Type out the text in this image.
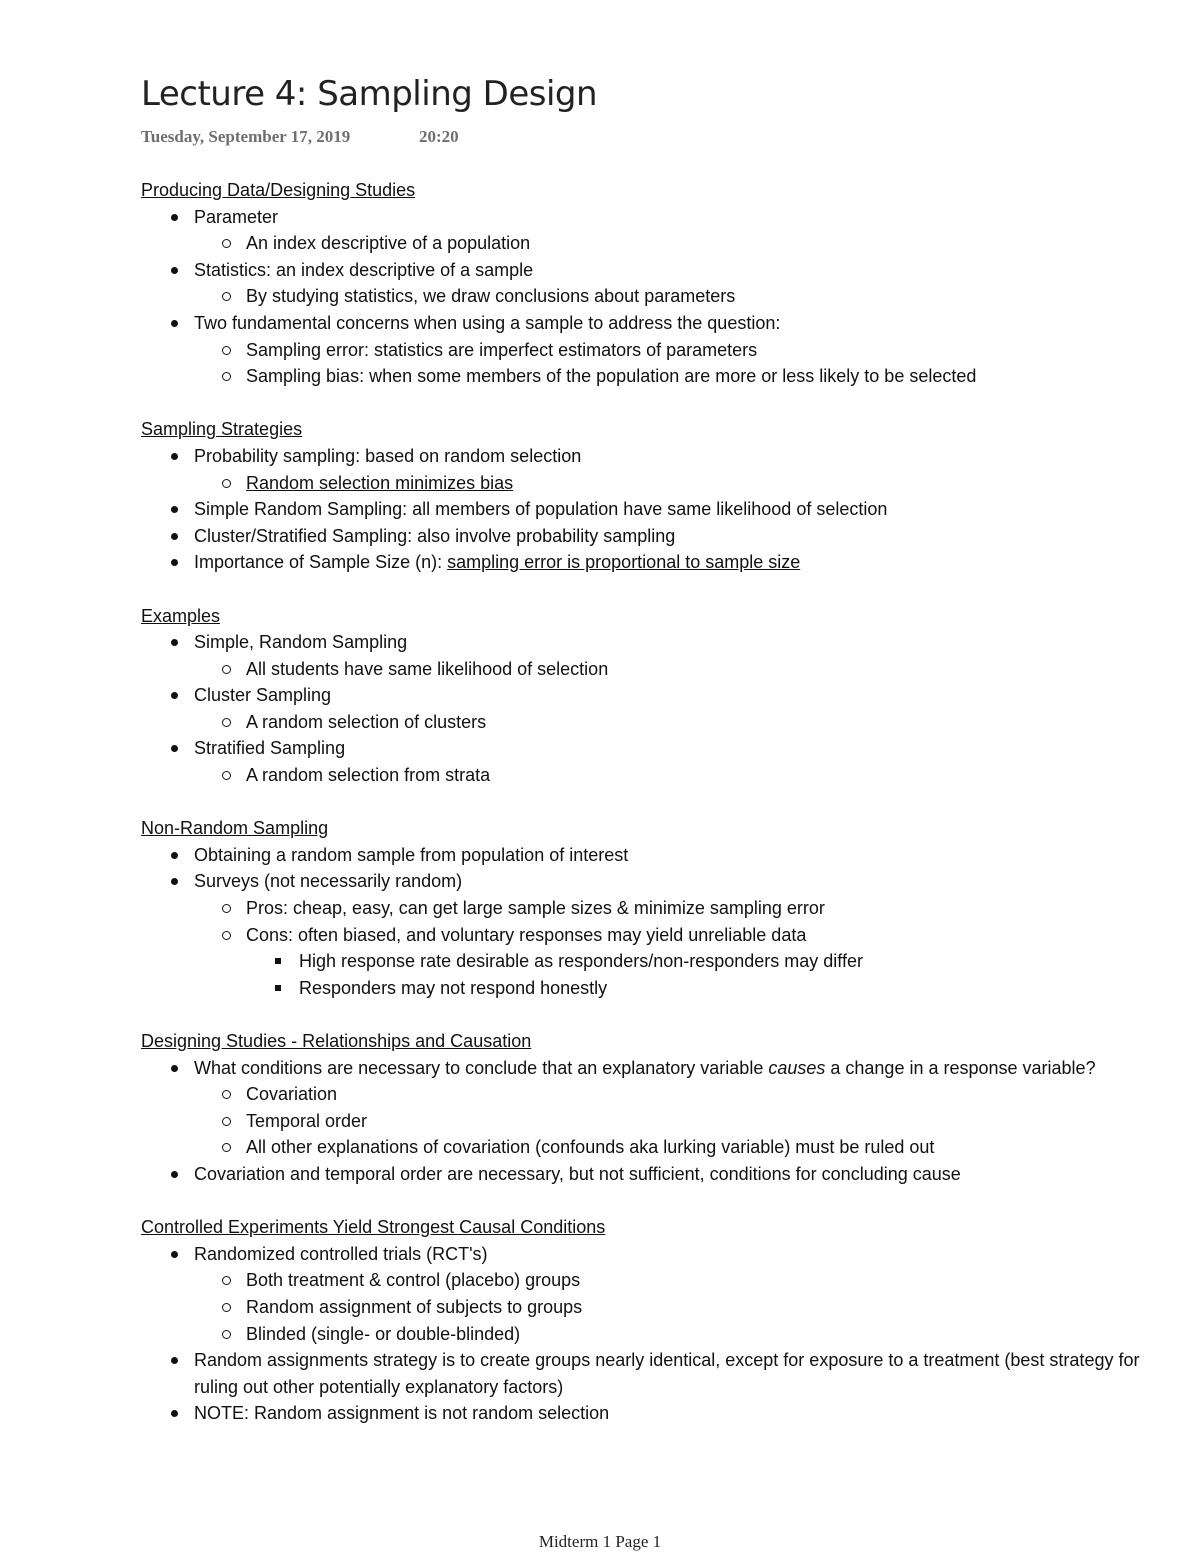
Lecture 4: Sampling Design
Tuesday, September 17, 2019	20:20
Producing Data/Designing Studies
Parameter
An index descriptive of a population
Statistics: an index descriptive of a sample
By studying statistics, we draw conclusions about parameters
Two fundamental concerns when using a sample to address the question:
Sampling error: statistics are imperfect estimators of parameters
Sampling bias: when some members of the population are more or less likely to be selected
Sampling Strategies
Probability sampling: based on random selection
Random selection minimizes bias
Simple Random Sampling: all members of population have same likelihood of selection
Cluster/Stratified Sampling: also involve probability sampling
Importance of Sample Size (n): sampling error is proportional to sample size
Examples
Simple, Random Sampling
All students have same likelihood of selection
Cluster Sampling
A random selection of clusters
Stratified Sampling
A random selection from strata
Non-Random Sampling
Obtaining a random sample from population of interest
Surveys (not necessarily random)
Pros: cheap, easy, can get large sample sizes & minimize sampling error
Cons: often biased, and voluntary responses may yield unreliable data
High response rate desirable as responders/non-responders may differ
Responders may not respond honestly
Designing Studies - Relationships and Causation
What conditions are necessary to conclude that an explanatory variable causes a change in a response variable?
Covariation
Temporal order
All other explanations of covariation (confounds aka lurking variable) must be ruled out
Covariation and temporal order are necessary, but not sufficient, conditions for concluding cause
Controlled Experiments Yield Strongest Causal Conditions
Randomized controlled trials (RCT's)
Both treatment & control (placebo) groups
Random assignment of subjects to groups
Blinded (single- or double-blinded)
Random assignments strategy is to create groups nearly identical, except for exposure to a treatment (best strategy for ruling out other potentially explanatory factors)
NOTE: Random assignment is not random selection
Midterm 1 Page 1
